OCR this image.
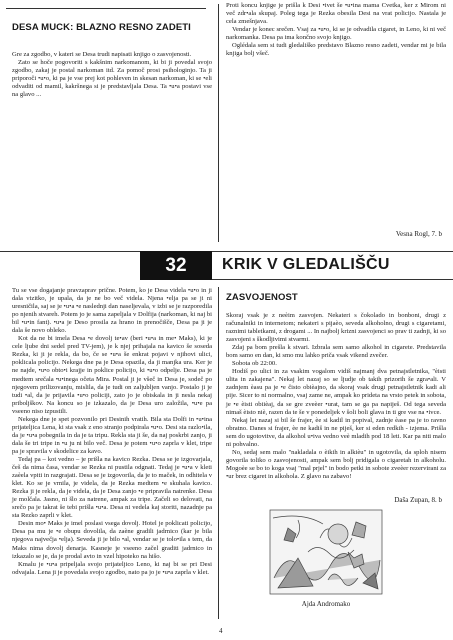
DESA MUCK: BLAZNO RESNO ZADETI

Gre za zgodbo, v kateri se Desa trudi napisati knjigo o zasvojenosti.

Zato se hoče pogovoriti s kakšnim narkomanom, ki bi ji povedal svojo zgodbo, zakaj je postal narkoman itd. Za pomoč prosi psihologinjo. Ta ji priporoči •u•o, ki pa je vse prej kot pohleven in skesan narkoman, ki se •eli odvaditi od mamil, kakršnega si je predstavljala Desa. Ta •u•a postavi vse na glavo ...

Proti koncu knjige je prišla k Desi •ivet še •u•ina mama Cvetka, ker z Mirom ni več zdr•ala skupaj. Poleg tega je Rezka obesila Desi na vrat policijo. Nastala je cela zmešnjava.

Vendar je konec srečen. Vsaj za •u•o, ki se je odvadila cigaret, in Leno, ki ni več narkomanka. Desa pa ima končno svojo knjigo.

Oglédala sem si tudi gledališko predstavo Blazno resno zadeti, vendar mi je bila knjiga bolj všeč.

Vesna Rogl, 7. b
32	KRIK V GLEDALIŠČU

Tu se vse dogajanje pravzaprav prične. Potem, ko je Desa videla •u•o in ji dala vizitko, je upala, da je ne bo več videla. Njena •elja pa se ji ni uresničila, saj se je •u•a •e naslednji dan naseljevala, v izbi se je razporedila po njenih stvareh. Potem jo je sama zapeljala v Dolfija (narkoman, ki naj bi bil •u•in fant). •u•a je Deso prosila za hrano in prenočišče, Desa pa ji je dala še novo obleko.

Kot da ne bi imela Desa •e dovolj te•av (beri •u•a in me• Maks), ki je cele ljube dni sedel pred TV-jem), je k njej prihajala na kavico še soseda Rezka, ki ji je rekla, da bo, če se •u•a še enkrat pojavi v njihovi ulici, poklicala policijo. Nekega dne pa je Desa opazila, da ji manjka ura. Ker je ne najde, •u•o obto•i krajje in poklice policijo, ki •u•o odpelje. Desa pa je medtem srečala •u•inega očeta Mira. Postal ji je všeč in Desa je, sodeč po njegovem prilizovanju, mislila, da je tudi on zaljubljen vanjo. Postalo ji je tudi •al, da je prijavila •u•o policiji, zato jo je obiskala in ji nesla nekaj priboljškov. Na koncu so je izkazalo, da je Desa uro založila, •u•e pa vseeno niso izpustili.

Nekega dne je spet pozvonilo pri Desinih vratih. Bila sta Dolfi in •u•ina prijateljica Lena, ki sta vsak z eno stranjo podpirala •u•o. Desi sta razlo•ila, da je •u•a pobegnila in da je ta tripu. Rekla sta ji še, da naj poskrbi zanjo, ji dala še tri tripe in •u ju ni bilo več. Desa je potem •u•o zaprla v klet, tripe pa je spravila v skodelice za kavo.

Tedaj pa – kot vedno – je prišla na kavico Rezka. Desa se je izgovarjala, češ da nima časa, vendar se Rezka ni pustila odgnati. Tedaj je •u•a v kleti zaèela vpiti in razgrajati. Desa se je izgovorila, da je to maček, in odhitela v klet. Ko se je vrnila, je videla, da je Rezka medtem •e skuhala kavico. Rezka ji je rekla, da je videla, da je Desa zanjo •e pripravila natrenke. Desa je molčala. Jasno, ni šlo za natrene, ampak za tripe. Začeli so delovati, na srečo pa je takrat še tebi prišla •u•a. Desa ni vedela kaj storiti, nazadnje pa sta Rezko zaprli v klet.

Desin mo• Maks je imel poslasi vsega dovolj. Hotel je poklicati policijo, Desa pa mu je •e obupu dovolila, da zaène gradili jadrnico (kar je bila njegova največja •elja). Seveda ji je bilo •al, vendar se je tolo•ila s tem, da Maks nima dovolj denarja. Kasneje je vseeno začel graditi jadrnico in izkazalo se je, da je prodal avto in vzel hipoteko na hišo.

Kmalu je •u•a pripeljala svojo prijateljico Leno, ki naj bi se pri Desi odvajala. Lena ji je povedala svojo zgodbo, nato pa jo je •u•a zaprla v klet.

ZASVOJENOST

Skoraj vsak je z neèim zasvojen. Nekateri s čokolado in bonboni, drugi z računalniki in internetom; nekateri s pijaèo, seveda alkoholno, drugi s cigaretami, raznimi tabletkami, z drogami ... In najbolj krizni zasvojenci so prav ti zadnji, ki so zasvojeni s škodljivimi stvarmi.

Zdaj pa bom prešla k stvari. Izbrala sem samo alkohol in cigarete. Predstavila bom samo en dan, ki smo mu lahko priča vsak vikend zvečer.

Sobota ob 22:00.

Hodiš po ulici in za vsakim vogalom vidiš najmanj dva petnajstletnika, "èisti ulita in zakajena". Nekaj let nazaj so se ljudje ob takih prizorih še zgra•ali. V zadnjem èasu pa je •e čisto obièajno, da skoraj vsak drugi petnajstletnik kadi ali pije. Sicer to ni normalno, vsaj zame ne, ampak ko prideta na vrsto petek in sobota, je •e èisti obiièaj, da se gre zveèer •urat, tam se ga pa napiješ. Od tega seveda nimaš èisto niè, razen da te še v ponedeljek v šoli boli glava in ti gre vse na •ivce.

Nekaj let nazaj si bil še frajer, èe si kadil in popival, zadnje èase pa je to ravno obratno. Danes si frajer, èe ne kadiš in ne piješ, ker si eden redkih - izjema. Prišla sem do ugotovitve, da alkohol u•iva vedno veè mladih pod 18 leti. Kar pa niti malo ni pohvalno.

No, sedaj sem malo "nakladala o èikih in alkièu" in ugotovila, da sploh nisem govorila toliko o zasvojenosti, ampak sem bolj pridigala o cigaretah in alkoholu. Mogoèe se bo to koga vsaj "mal prjel" in bodo petki in sobote zveèer rezervirani za •ur brez cigaret in alkohola. Z glavo na zabavo!

Daša Zupan, 8. b
Ajda Andromako
4
